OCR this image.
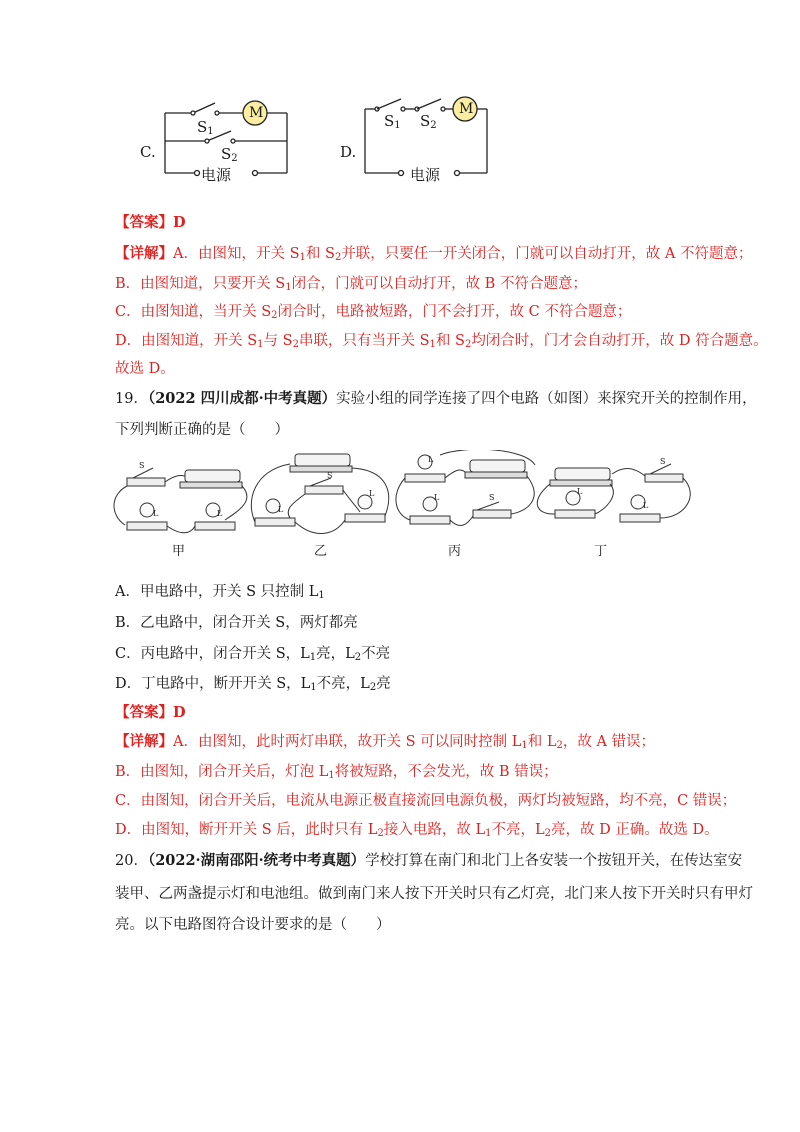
C.
$S_1$
$S_2$
M
电源
D.
$S_1$ $S_2$
M
电源
【答案】D
【详解】A．由图知，开关 $S_1$和 $S_2$并联，只要任一开关闭合，门就可以自动打开，故 A 不符题意；
B．由图知道，只要开关 $S_1$闭合，门就可以自动打开，故 B 不符合题意；
C．由图知道，当开关 $S_2$闭合时，电路被短路，门不会打开，故 C 不符合题意；
D．由图知道，开关 $S_1$与 $S_2$串联，只有当开关 $S_1$和 $S_2$均闭合时，门才会自动打开，故 D 符合题意。
故选 D。
19．（2022 四川成都·中考真题）实验小组的同学连接了四个电路（如图）来探究开关的控制作用，
下列判断正确的是（　　）
S
L	L
S
L
L
L
L	S
S
L
L
甲	乙	丙	丁
A．甲电路中，开关 S 只控制 $L_1$
B．乙电路中，闭合开关 S，两灯都亮
C．丙电路中，闭合开关 S，$L_1$亮，$L_2$不亮
D．丁电路中，断开开关 S，$L_1$不亮，$L_2$亮
【答案】D
【详解】A．由图知，此时两灯串联，故开关 S 可以同时控制 $L_1$和 $L_2$，故 A 错误；
B．由图知，闭合开关后，灯泡 $L_1$将被短路，不会发光，故 B 错误；
C．由图知，闭合开关后，电流从电源正极直接流回电源负极，两灯均被短路，均不亮，C 错误；
D．由图知，断开开关 S 后，此时只有 $L_2$接入电路，故 $L_1$不亮，$L_2$亮，故 D 正确。故选 D。
20．（2022·湖南邵阳·统考中考真题）学校打算在南门和北门上各安装一个按钮开关，在传达室安
装甲、乙两盏提示灯和电池组。做到南门来人按下开关时只有乙灯亮，北门来人按下开关时只有甲灯
亮。以下电路图符合设计要求的是（　　）
